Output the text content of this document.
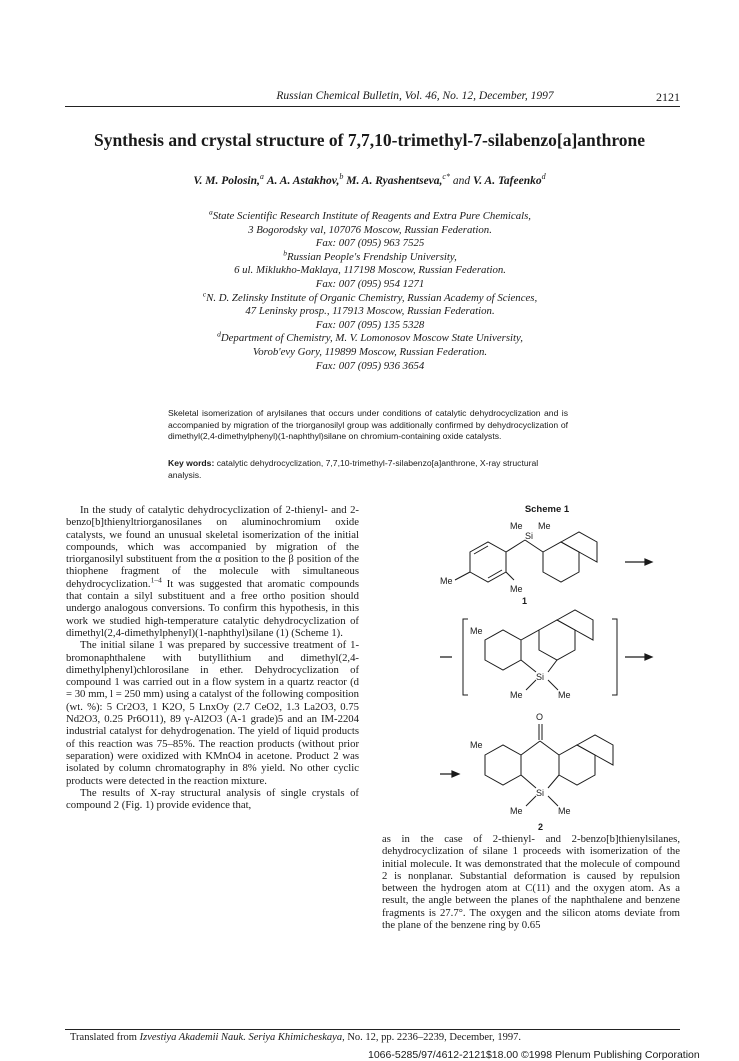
Russian Chemical Bulletin, Vol. 46, No. 12, December, 1997	2121
Synthesis and crystal structure of 7,7,10-trimethyl-7-silabenzo[a]anthrone
V. M. Polosin,$^a$ A. A. Astakhov,$^b$ M. A. Ryashentseva,$^{c*}$ and V. A. Tafeenko$^d$
$^a$State Scientific Research Institute of Reagents and Extra Pure Chemicals,
3 Bogorodsky val, 107076 Moscow, Russian Federation.
Fax: 007 (095) 963 7525
$^b$Russian People's Frendship University,
6 ul. Miklukho-Maklaya, 117198 Moscow, Russian Federation.
Fax: 007 (095) 954 1271
$^c$N. D. Zelinsky Institute of Organic Chemistry, Russian Academy of Sciences,
47 Leninsky prosp., 117913 Moscow, Russian Federation.
Fax: 007 (095) 135 5328
$^d$Department of Chemistry, M. V. Lomonosov Moscow State University,
Vorob'evy Gory, 119899 Moscow, Russian Federation.
Fax: 007 (095) 936 3654
Skeletal isomerization of arylsilanes that occurs under conditions of catalytic dehydrocyclization and is accompanied by migration of the triorganosilyl group was additionally confirmed by dehydrocyclization of dimethyl(2,4-dimethylphenyl)(1-naphthyl)silane on chromium-containing oxide catalysts.
Key words: catalytic dehydrocyclization, 7,7,10-trimethyl-7-silabenzo[a]anthrone, X-ray structural analysis.

In the study of catalytic dehydrocyclization of 2-thienyl- and 2-benzo[b]thienyltriorganosilanes on aluminochromium oxide catalysts, we found an unusual skeletal isomerization of the initial compounds, which was accompanied by migration of the triorganosilyl substituent from the α position to the β position of the thiophene fragment of the molecule with simultaneous dehydrocyclization.$^{1-4}$ It was suggested that aromatic compounds that contain a silyl substituent and a free ortho position should undergo analogous conversions. To confirm this hypothesis, in this work we studied high-temperature catalytic dehydrocyclization of dimethyl(2,4-dimethylphenyl)(1-naphthyl)silane (1) (Scheme 1).

The initial silane 1 was prepared by successive treatment of 1-bromonaphthalene with butyllithium and dimethyl(2,4-dimethylphenyl)chlorosilane in ether. Dehydrocyclization of compound 1 was carried out in a flow system in a quartz reactor (d = 30 mm, l = 250 mm) using a catalyst of the following composition (wt. %): 5 Cr2O3, 1 K2O, 5 LnxOy (2.7 CeO2, 1.3 La2O3, 0.75 Nd2O3, 0.25 Pr6O11), 89 γ-Al2O3 (A-1 grade)5 and an IM-2204 industrial catalyst for dehydrogenation. The yield of liquid products of this reaction was 75–85%. The reaction products (without prior separation) were oxidized with KMnO4 in acetone. Product 2 was isolated by column chromatography in 8% yield. No other cyclic products were detected in the reaction mixture.

The results of X-ray structural analysis of single crystals of compound 2 (Fig. 1) provide evidence that,

Scheme 1
Me
Si
Me
Me
Me
1
Me
Si
Me	Me
O
Me
Si
Me	Me
2

as in the case of 2-thienyl- and 2-benzo[b]thienylsilanes, dehydrocyclization of silane 1 proceeds with isomerization of the initial molecule. It was demonstrated that the molecule of compound 2 is nonplanar. Substantial deformation is caused by repulsion between the hydrogen atom at C(11) and the oxygen atom. As a result, the angle between the planes of the naphthalene and benzene fragments is 27.7°. The oxygen and the silicon atoms deviate from the plane of the benzene ring by 0.65

Translated from Izvestiya Akademii Nauk. Seriya Khimicheskaya, No. 12, pp. 2236–2239, December, 1997.
1066-5285/97/4612-2121$18.00 ©1998 Plenum Publishing Corporation
